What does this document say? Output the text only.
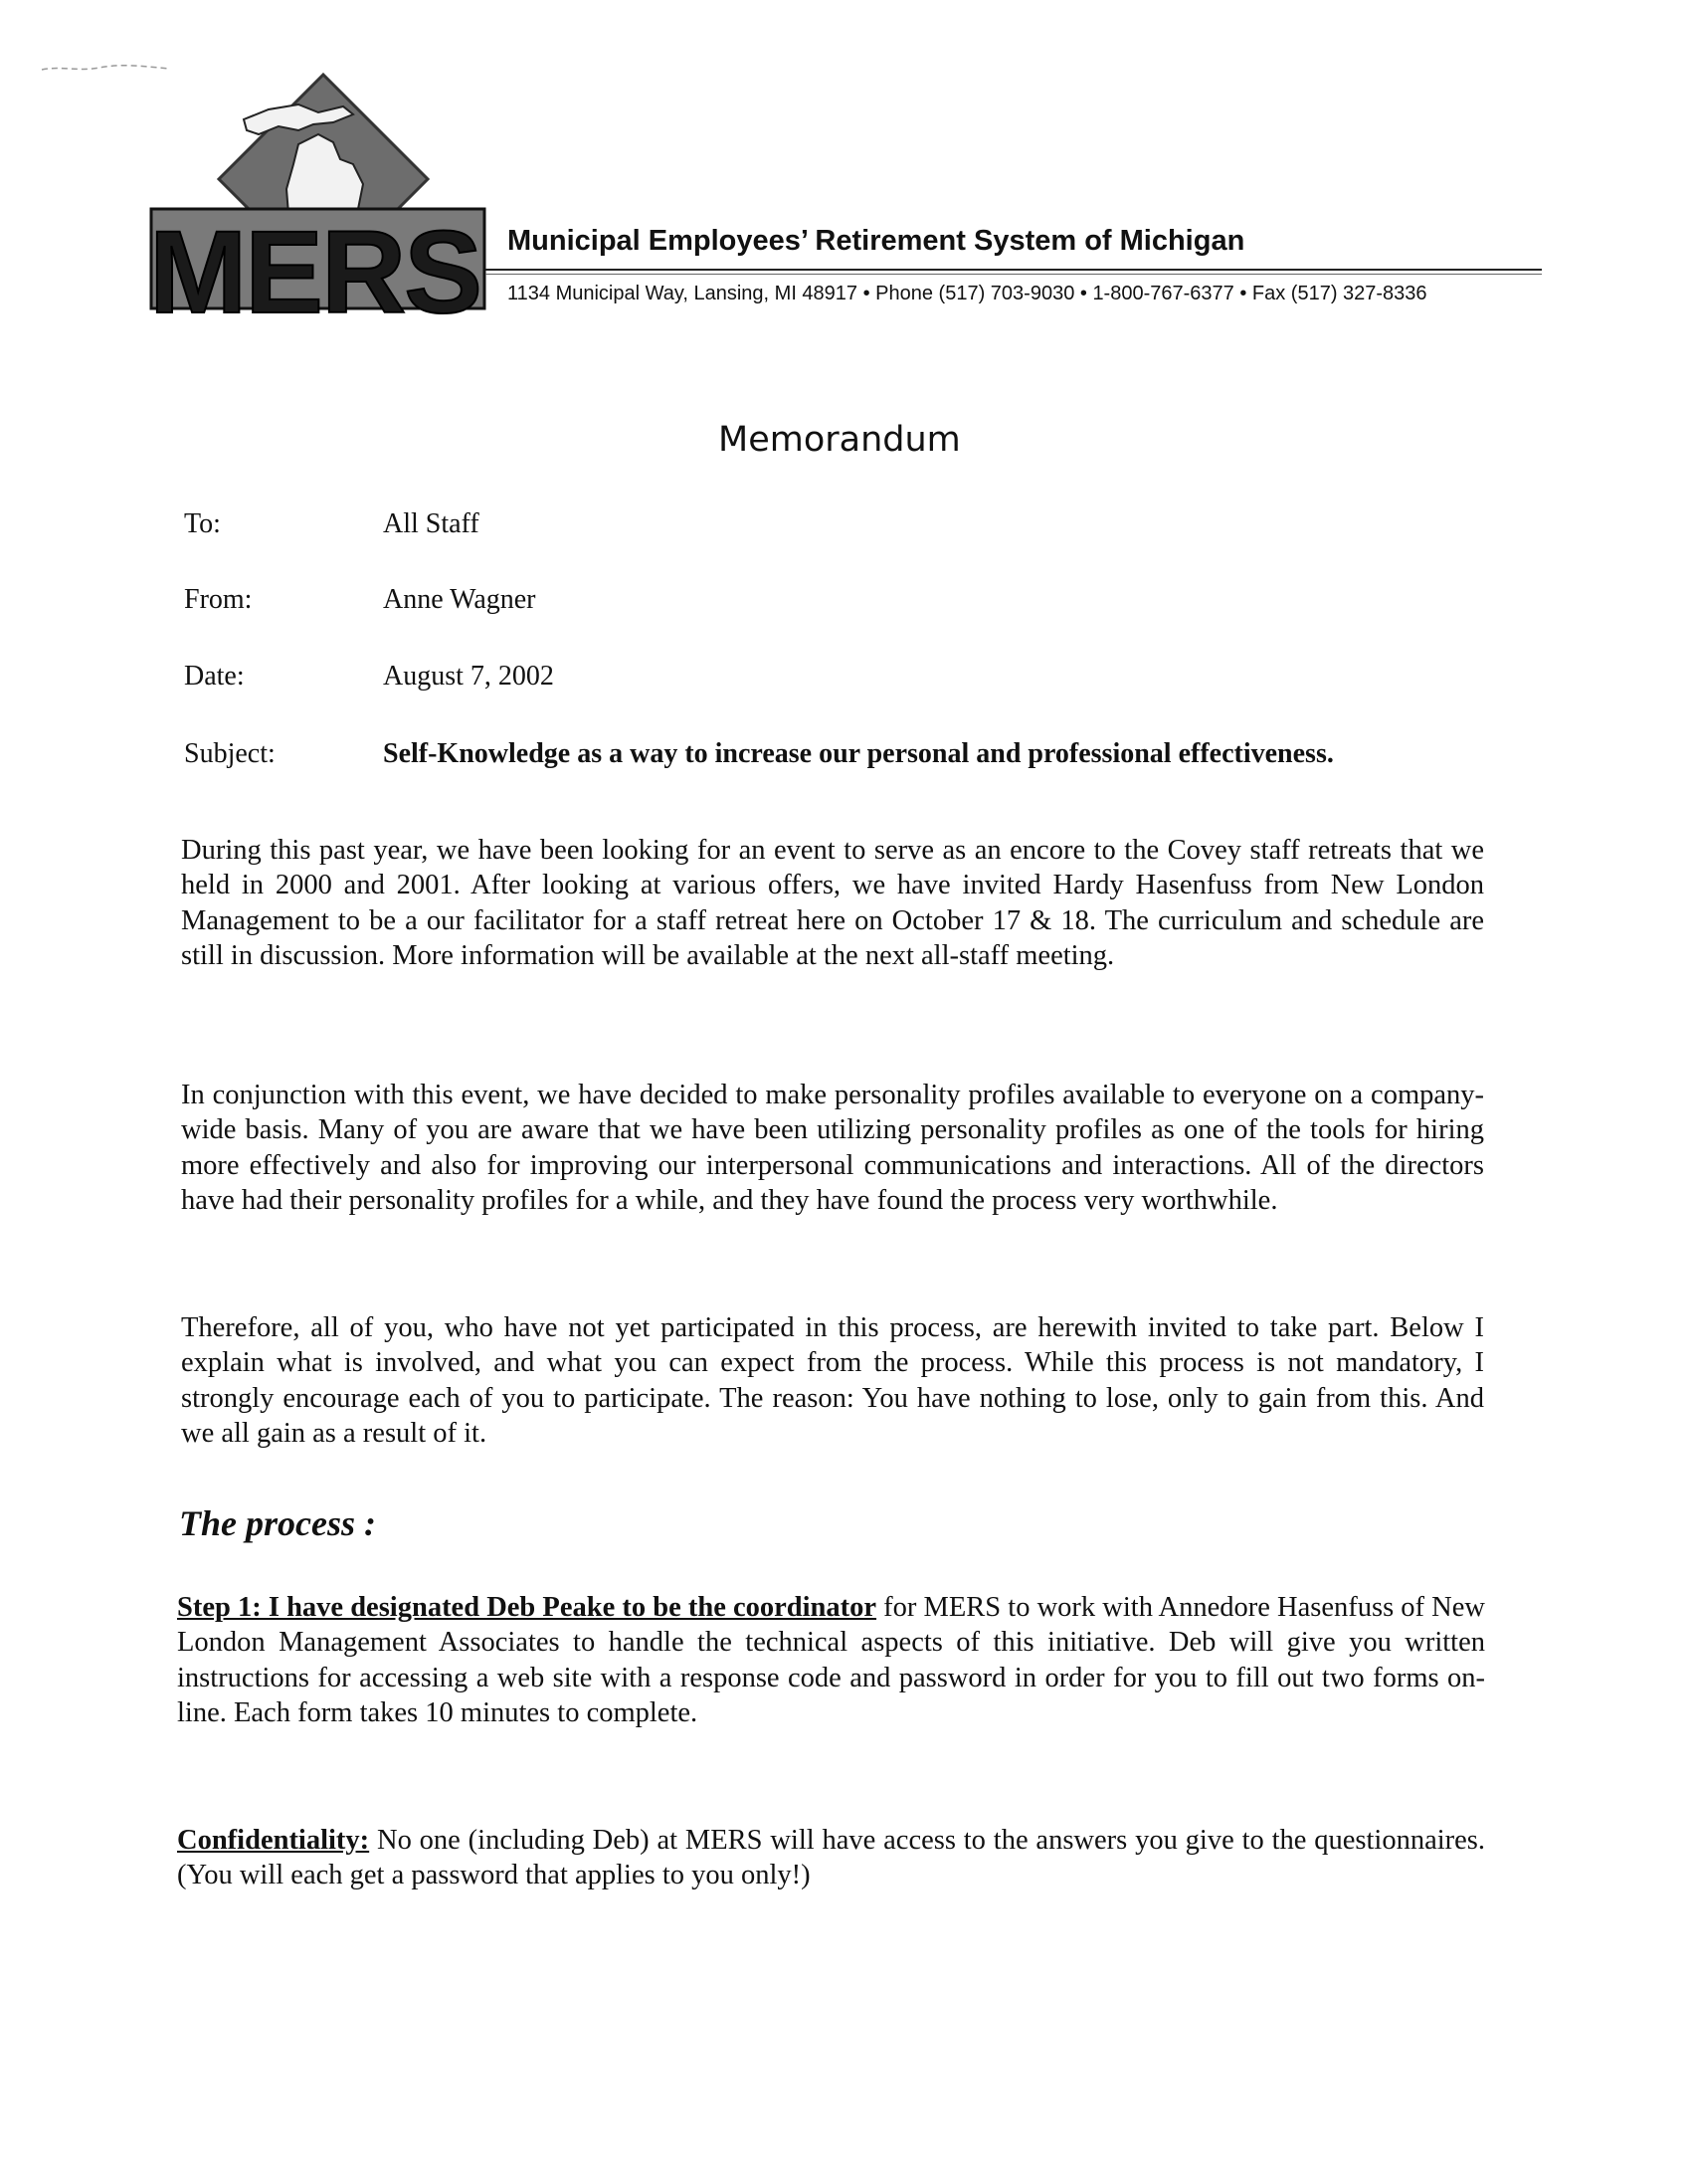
MERS Municipal Employees’ Retirement System of Michigan
1134 Municipal Way, Lansing, MI 48917 • Phone (517) 703-9030 • 1-800-767-6377 • Fax (517) 327-8336
Memorandum
To:	All Staff
From:	Anne Wagner
Date:	August 7, 2002
Subject:	Self-Knowledge as a way to increase our personal and professional effectiveness.

During this past year, we have been looking for an event to serve as an encore to the Covey staff retreats that we held in 2000 and 2001. After looking at various offers, we have invited Hardy Hasenfuss from New London Management to be a our facilitator for a staff retreat here on October 17 & 18. The curriculum and schedule are still in discussion. More information will be available at the next all-staff meeting.

In conjunction with this event, we have decided to make personality profiles available to everyone on a company-wide basis. Many of you are aware that we have been utilizing personality profiles as one of the tools for hiring more effectively and also for improving our interpersonal communications and interactions. All of the directors have had their personality profiles for a while, and they have found the process very worthwhile.

Therefore, all of you, who have not yet participated in this process, are herewith invited to take part. Below I explain what is involved, and what you can expect from the process. While this process is not mandatory, I strongly encourage each of you to participate. The reason: You have nothing to lose, only to gain from this. And we all gain as a result of it.

The process :

Step 1: I have designated Deb Peake to be the coordinator for MERS to work with Annedore Hasenfuss of New London Management Associates to handle the technical aspects of this initiative. Deb will give you written instructions for accessing a web site with a response code and password in order for you to fill out two forms on-line. Each form takes 10 minutes to complete.

Confidentiality: No one (including Deb) at MERS will have access to the answers you give to the questionnaires. (You will each get a password that applies to you only!)
